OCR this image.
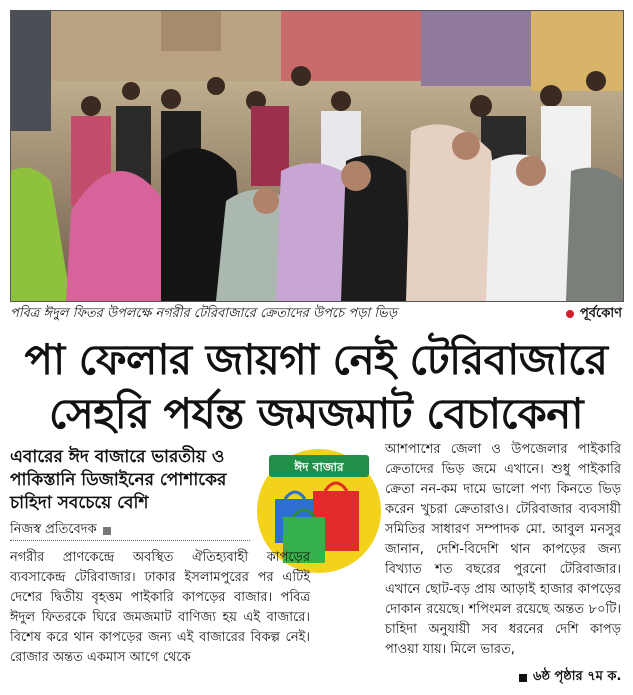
পবিত্র ঈদুল ফিতর উপলক্ষে নগরীর টেরিবাজারে ক্রেতাদের উপচে পড়া ভিড়	পূর্বকোণ
পা ফেলার জায়গা নেই টেরিবাজারে
সেহরি পর্যন্ত জমজমাট বেচাকেনা
এবারের ঈদ বাজারে ভারতীয় ও পাকিস্তানি ডিজাইনের পোশাকের চাহিদা সবচেয়ে বেশি
নিজস্ব প্রতিবেদক
ঈদ বাজার
নগরীর প্রাণকেন্দ্রে অবস্থিত ঐতিহ্যবাহী কাপড়ের ব্যবসাকেন্দ্র টেরিবাজার। ঢাকার ইসলামপুরের পর এটিই দেশের দ্বিতীয় বৃহত্তম পাইকারি কাপড়ের বাজার। পবিত্র ঈদুল ফিতরকে ঘিরে জমজমাট বাণিজ্য হয় এই বাজারে। বিশেষ করে থান কাপড়ের জন্য এই বাজারের বিকল্প নেই। রোজার অন্তত একমাস আগে থেকে
আশপাশের জেলা ও উপজেলার পাইকারি ক্রেতাদের ভিড় জমে এখানে। শুধু পাইকারি ক্রেতা নন-কম দামে ভালো পণ্য কিনতে ভিড় করেন খুচরা ক্রেতারাও। টেরিবাজার ব্যবসায়ী সমিতির সাধারণ সম্পাদক মো. আবুল মনসুর জানান, দেশি-বিদেশি থান কাপড়ের জন্য বিখ্যাত শত বছরের পুরনো টেরিবাজার। এখানে ছোট-বড় প্রায় আড়াই হাজার কাপড়ের দোকান রয়েছে। শপিংমল রয়েছে অন্তত ৮০টি। চাহিদা অনুযায়ী সব ধরনের দেশি কাপড় পাওয়া যায়। মিলে ভারত,
৬ষ্ঠ পৃষ্ঠার ৭ম ক.
